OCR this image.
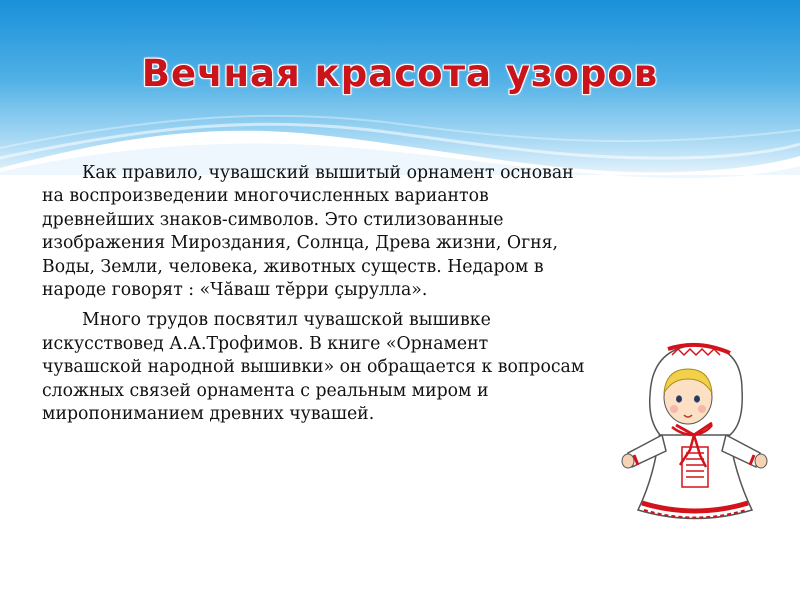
Вечная красота узоров

Как правило, чувашский вышитый орнамент основан на воспроизведении многочисленных вариантов древнейших знаков-символов. Это стилизованные изображения Мироздания, Солнца, Древа жизни, Огня, Воды, Земли, человека, животных существ. Недаром в народе говорят : «Чăваш тĕрри çырулла».

Много трудов посвятил чувашской вышивке искусствовед А.А.Трофимов. В книге «Орнамент чувашской народной вышивки» он обращается к вопросам сложных связей орнамента с реальным миром и миропониманием древних чувашей.
